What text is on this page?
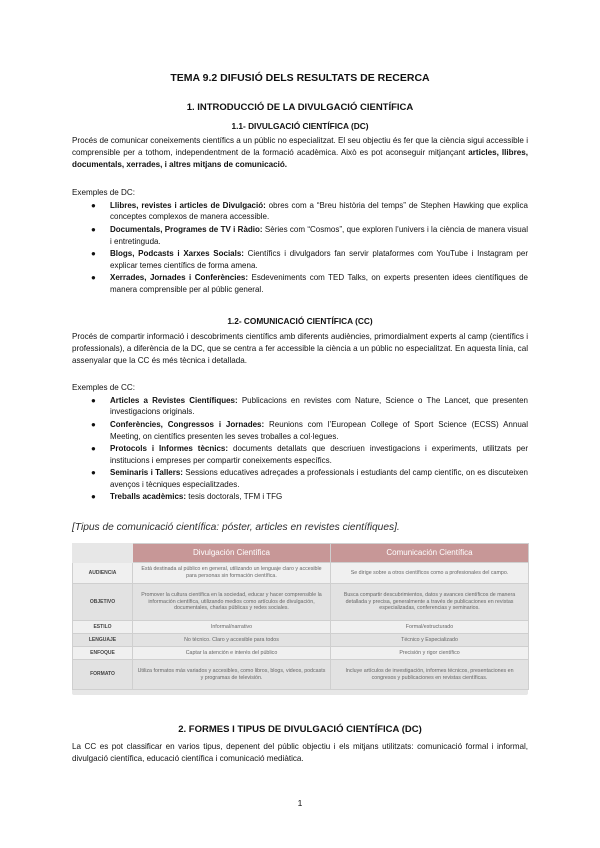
TEMA 9.2 DIFUSIÓ DELS RESULTATS DE RECERCA
1. INTRODUCCIÓ DE LA DIVULGACIÓ CIENTÍFICA
1.1- DIVULGACIÓ CIENTÍFICA (DC)
Procés de comunicar coneixements científics a un públic no especialitzat. El seu objectiu és fer que la ciència sigui accessible i comprensible per a tothom, independentment de la formació acadèmica. Això es pot aconseguir mitjançant articles, llibres, documentals, xerrades, i altres mitjans de comunicació.
Exemples de DC:
● Llibres, revistes i articles de Divulgació: obres com a “Breu història del temps” de Stephen Hawking que explica conceptes complexos de manera accessible.
● Documentals, Programes de TV i Ràdio: Sèries com “Cosmos”, que exploren l’univers i la ciència de manera visual i entretinguda.
● Blogs, Podcasts i Xarxes Socials: Científics i divulgadors fan servir plataformes com YouTube i Instagram per explicar temes científics de forma amena.
● Xerrades, Jornades i Conferències: Esdeveniments com TED Talks, on experts presenten idees científiques de manera comprensible per al públic general.
1.2- COMUNICACIÓ CIENTÍFICA (CC)
Procés de compartir informació i descobriments científics amb diferents audiències, primordialment experts al camp (científics i professionals), a diferència de la DC, que se centra a fer accessible la ciència a un públic no especialitzat. En aquesta línia, cal assenyalar que la CC és més tècnica i detallada.
Exemples de CC:
● Articles a Revistes Científiques: Publicacions en revistes com Nature, Science o The Lancet, que presenten investigacions originals.
● Conferències, Congressos i Jornades: Reunions com l’European College of Sport Science (ECSS) Annual Meeting, on científics presenten les seves troballes a col·legues.
● Protocols i Informes tècnics: documents detallats que descriuen investigacions i experiments, utilitzats per institucions i empreses per compartir coneixements específics.
● Seminaris i Tallers: Sessions educatives adreçades a professionals i estudiants del camp científic, on es discuteixen avenços i tècniques especialitzades.
● Treballs acadèmics: tesis doctorals, TFM i TFG
[Tipus de comunicació científica: póster, articles en revistes científiques].
	Divulgación Científica	Comunicación Científica
AUDIENCIA	Está destinada al público en general, utilizando un lenguaje claro y accesible para personas sin formación científica.	Se dirige sobre a otros científicos como a profesionales del campo.
OBJETIVO	Promover la cultura científica en la sociedad, educar y hacer comprensible la información científica, utilizando medios como artículos de divulgación, documentales, charlas públicas y redes sociales.	Busca compartir descubrimientos, datos y avances científicos de manera detallada y precisa, generalmente a través de publicaciones en revistas especializadas, conferencias y seminarios.
ESTILO	Informal/narrativo	Formal/estructurado
LENGUAJE	No técnico. Claro y accesible para todos	Técnico y Especializado
ENFOQUE	Captar la atención e interés del público	Precisión y rigor científico
FORMATO	Utiliza formatos más variados y accesibles, como libros, blogs, videos, podcasts y programas de televisión.	Incluye artículos de investigación, informes técnicos, presentaciones en congresos y publicaciones en revistas científicas.
2. FORMES I TIPUS DE DIVULGACIÓ CIENTÍFICA (DC)
La CC es pot classificar en varios tipus, depenent del públic objectiu i els mitjans utilitzats: comunicació formal i informal, divulgació científica, educació científica i comunicació mediàtica.
1
